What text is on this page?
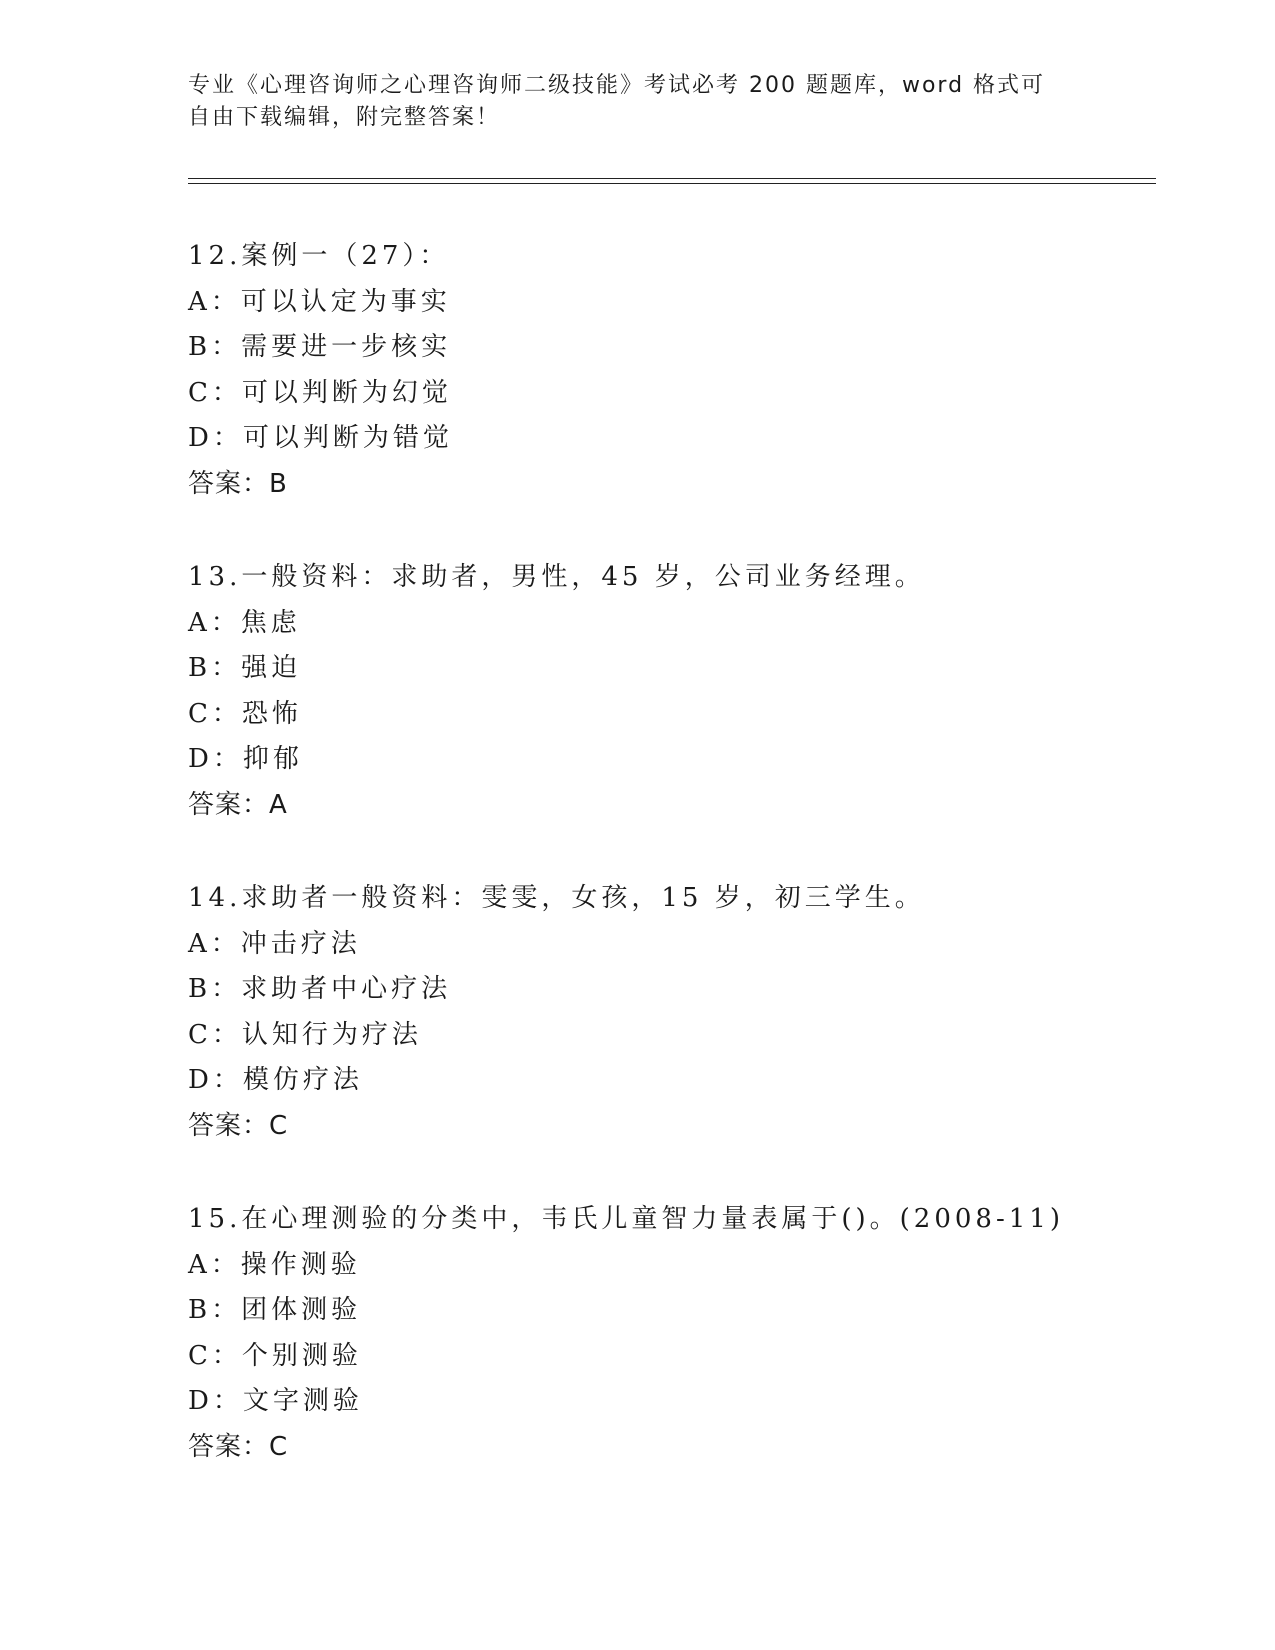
专业《心理咨询师之心理咨询师二级技能》考试必考 200 题题库，word 格式可自由下载编辑，附完整答案！
12.案例一（27）：
A：可以认定为事实
B：需要进一步核实
C：可以判断为幻觉
D：可以判断为错觉
答案：B
13.一般资料：求助者，男性，45 岁，公司业务经理。
A：焦虑
B：强迫
C：恐怖
D：抑郁
答案：A
14.求助者一般资料：雯雯，女孩，15 岁，初三学生。
A：冲击疗法
B：求助者中心疗法
C：认知行为疗法
D：模仿疗法
答案：C
15.在心理测验的分类中，韦氏儿童智力量表属于()。(2008-11)
A：操作测验
B：团体测验
C：个别测验
D：文字测验
答案：C
